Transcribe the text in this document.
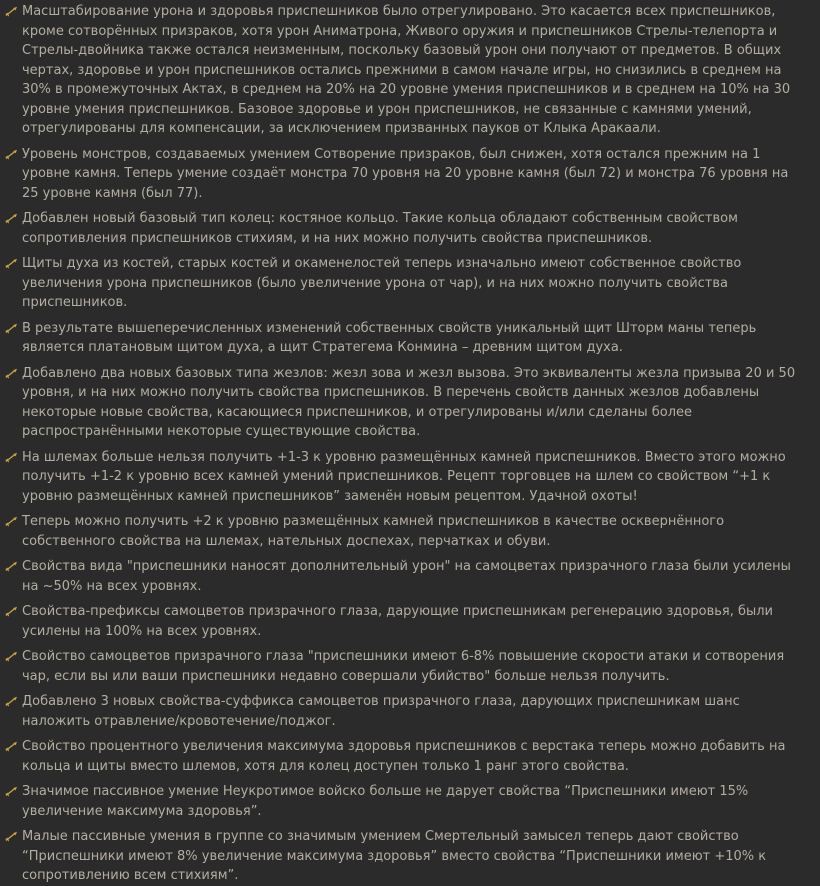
Масштабирование урона и здоровья приспешников было отрегулировано. Это касается всех приспешников, кроме сотворённых призраков, хотя урон Аниматрона, Живого оружия и приспешников Стрелы-телепорта и Стрелы-двойника также остался неизменным, поскольку базовый урон они получают от предметов. В общих чертах, здоровье и урон приспешников остались прежними в самом начале игры, но снизились в среднем на 30% в промежуточных Актах, в среднем на 20% на 20 уровне умения приспешников и в среднем на 10% на 30 уровне умения приспешников. Базовое здоровье и урон приспешников, не связанные с камнями умений, отрегулированы для компенсации, за исключением призванных пауков от Клыка Аракаали.
Уровень монстров, создаваемых умением Сотворение призраков, был снижен, хотя остался прежним на 1 уровне камня. Теперь умение создаёт монстра 70 уровня на 20 уровне камня (был 72) и монстра 76 уровня на 25 уровне камня (был 77).
Добавлен новый базовый тип колец: костяное кольцо. Такие кольца обладают собственным свойством сопротивления приспешников стихиям, и на них можно получить свойства приспешников.
Щиты духа из костей, старых костей и окаменелостей теперь изначально имеют собственное свойство увеличения урона приспешников (было увеличение урона от чар), и на них можно получить свойства приспешников.
В результате вышеперечисленных изменений собственных свойств уникальный щит Шторм маны теперь является платановым щитом духа, а щит Стратегема Конмина – древним щитом духа.
Добавлено два новых базовых типа жезлов: жезл зова и жезл вызова. Это эквиваленты жезла призыва 20 и 50 уровня, и на них можно получить свойства приспешников. В перечень свойств данных жезлов добавлены некоторые новые свойства, касающиеся приспешников, и отрегулированы и/или сделаны более распространёнными некоторые существующие свойства.
На шлемах больше нельзя получить +1-3 к уровню размещённых камней приспешников. Вместо этого можно получить +1-2 к уровню всех камней умений приспешников. Рецепт торговцев на шлем со свойством “+1 к уровню размещённых камней приспешников” заменён новым рецептом. Удачной охоты!
Теперь можно получить +2 к уровню размещённых камней приспешников в качестве осквернённого собственного свойства на шлемах, нательных доспехах, перчатках и обуви.
Свойства вида "приспешники наносят дополнительный урон" на самоцветах призрачного глаза были усилены на ~50% на всех уровнях.
Свойства-префиксы самоцветов призрачного глаза, дарующие приспешникам регенерацию здоровья, были усилены на 100% на всех уровнях.
Свойство самоцветов призрачного глаза "приспешники имеют 6-8% повышение скорости атаки и сотворения чар, если вы или ваши приспешники недавно совершали убийство" больше нельзя получить.
Добавлено 3 новых свойства-суффикса самоцветов призрачного глаза, дарующих приспешникам шанс наложить отравление/кровотечение/поджог.
Свойство процентного увеличения максимума здоровья приспешников с верстака теперь можно добавить на кольца и щиты вместо шлемов, хотя для колец доступен только 1 ранг этого свойства.
Значимое пассивное умение Неукротимое войско больше не дарует свойства “Приспешники имеют 15% увеличение максимума здоровья”.
Малые пассивные умения в группе со значимым умением Смертельный замысел теперь дают свойство “Приспешники имеют 8% увеличение максимума здоровья” вместо свойства “Приспешники имеют +10% к сопротивлению всем стихиям”.
